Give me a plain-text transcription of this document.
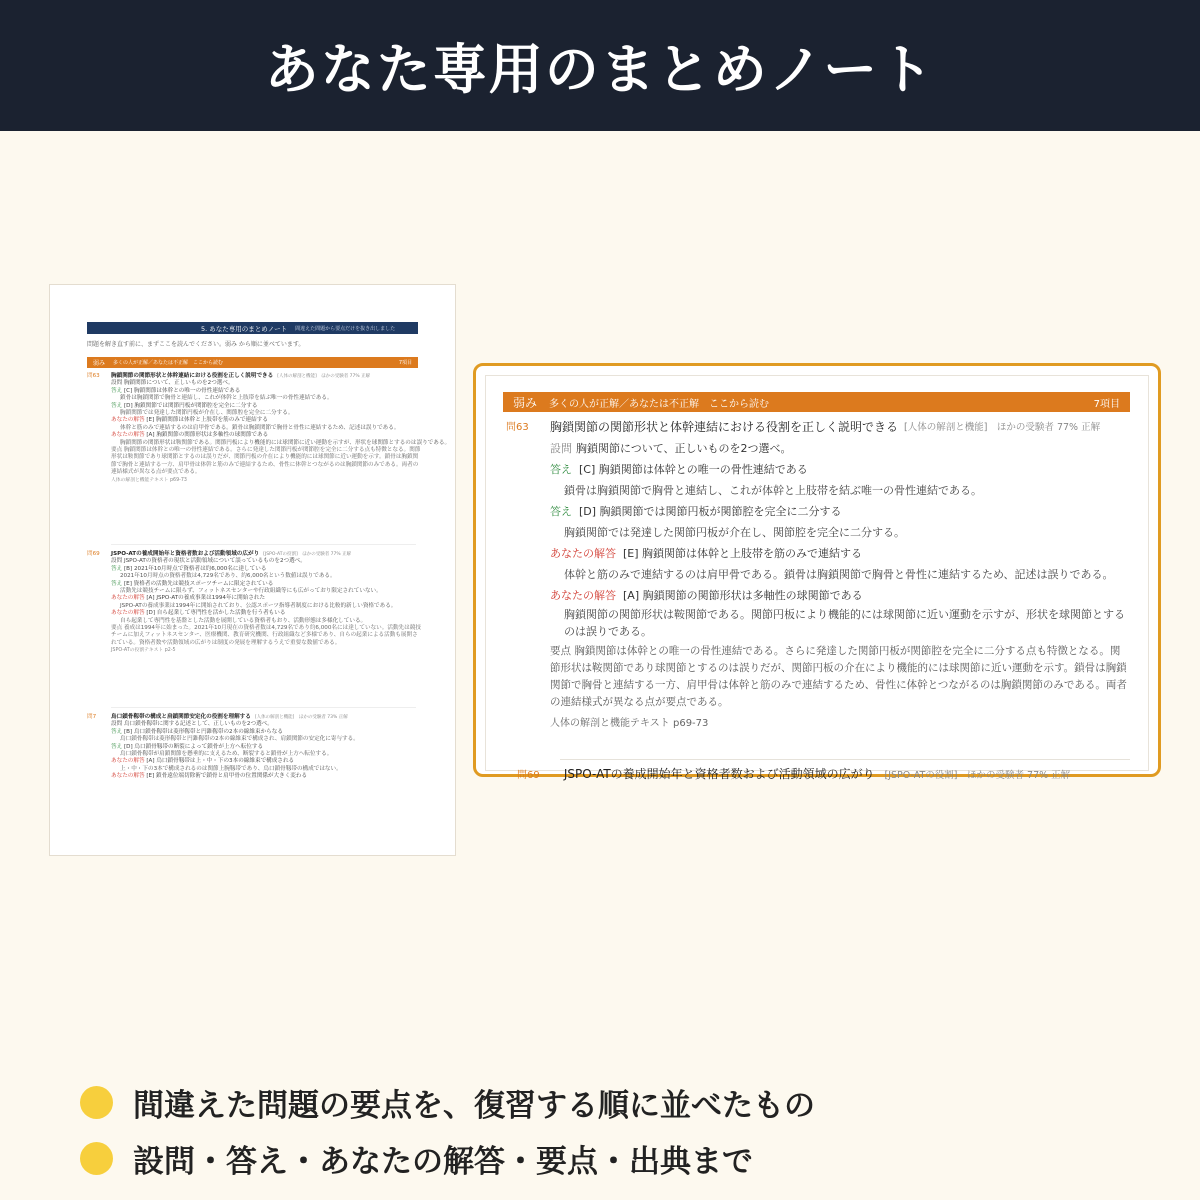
あなた専用のまとめノート
5. あなた専用のまとめノート 間違えた問題から要点だけを抜き出しました
問題を解き直す前に、まずここを読んでください。弱み から順に並べています。
弱み 多くの人が正解／あなたは不正解　ここから読む	7項目
問63	胸鎖関節の関節形状と体幹連結における役割を正しく説明できる [人体の解剖と機能]　ほかの受験者 77% 正解
設問 胸鎖関節について、正しいものを2つ選べ。
答え [C] 胸鎖関節は体幹との唯一の骨性連結である
鎖骨は胸鎖関節で胸骨と連結し、これが体幹と上肢帯を結ぶ唯一の骨性連結である。
答え [D] 胸鎖関節では関節円板が関節腔を完全に二分する
胸鎖関節では発達した関節円板が介在し、関節腔を完全に二分する。
あなたの解答 [E] 胸鎖関節は体幹と上肢帯を筋のみで連結する
体幹と筋のみで連結するのは肩甲骨である。鎖骨は胸鎖関節で胸骨と骨性に連結するため、記述は誤りである。
あなたの解答 [A] 胸鎖関節の関節形状は多軸性の球関節である
胸鎖関節の関節形状は鞍関節である。関節円板により機能的には球関節に近い運動を示すが、形状を球関節とするのは誤りである。
要点 胸鎖関節は体幹との唯一の骨性連結である。さらに発達した関節円板が関節腔を完全に二分する点も特徴となる。関節形状は鞍関節であり球関節とするのは誤りだが、関節円板の介在により機能的には球関節に近い運動を示す。鎖骨は胸鎖関節で胸骨と連結する一方、肩甲骨は体幹と筋のみで連結するため、骨性に体幹とつながるのは胸鎖関節のみである。両者の連結様式が異なる点が要点である。
人体の解剖と機能テキスト p69-73
問69	JSPO-ATの養成開始年と資格者数および活動領域の広がり [JSPO-ATの役割]　ほかの受験者 77% 正解
設問 JSPO-ATの資格者の現状と活動領域について誤っているものを2つ選べ。
答え [B] 2021年10月時点で資格者は約6,000名に達している
2021年10月時点の資格者数は4,729名であり、約6,000名という数値は誤りである。
答え [E] 資格者の活動先は競技スポーツチームに限定されている
活動先は競技チームに限らず、フィットネスセンターや行政組織等にも広がっており限定されていない。
あなたの解答 [A] JSPO-ATの養成事業は1994年に開始された
JSPO-ATの養成事業は1994年に開始されており、公認スポーツ指導者制度における比較的新しい資格である。
あなたの解答 [D] 自ら起業して専門性を活かした活動を行う者もいる
自ら起業して専門性を基盤とした活動を展開している資格者もおり、活動形態は多様化している。
要点 養成は1994年に始まった。2021年10月現在の資格者数は4,729名であり約6,000名には達していない。活動先は競技チームに加えフィットネスセンター、医療機関、教育研究機関、行政組織など多様であり、自らの起業による活動も展開されている。資格者数や活動領域の広がりは制度の発展を理解するうえで重要な数値である。
JSPO-ATの役割テキスト p2-5
問7	烏口鎖骨靱帯の構成と肩鎖関節安定化の役割を理解する [人体の解剖と機能]　ほかの受験者 73% 正解
設問 烏口鎖骨靱帯に関する記述として、正しいものを2つ選べ。
答え [B] 烏口鎖骨靱帯は菱形靱帯と円錐靱帯の2本の線維束からなる
烏口鎖骨靱帯は菱形靱帯と円錐靱帯の2本の線維束で構成され、肩鎖関節の安定化に寄与する。
答え [D] 烏口鎖骨靱帯の断裂によって鎖骨が上方へ転位する
烏口鎖骨靱帯が肩鎖関節を懸垂的に支えるため、断裂すると鎖骨が上方へ転位する。
あなたの解答 [A] 烏口鎖骨靱帯は上・中・下の3本の線維束で構成される
上・中・下の3本で構成されるのは関節上腕靱帯であり、烏口鎖骨靱帯の構成ではない。
あなたの解答 [E] 鎖骨遠位端切除術で鎖骨と肩甲骨の位置関係が大きく変わる
弱み 多くの人が正解／あなたは不正解　ここから読む	7項目
問63	胸鎖関節の関節形状と体幹連結における役割を正しく説明できる [人体の解剖と機能]　ほかの受験者 77% 正解
設問 胸鎖関節について、正しいものを2つ選べ。
答え [C] 胸鎖関節は体幹との唯一の骨性連結である
鎖骨は胸鎖関節で胸骨と連結し、これが体幹と上肢帯を結ぶ唯一の骨性連結である。
答え [D] 胸鎖関節では関節円板が関節腔を完全に二分する
胸鎖関節では発達した関節円板が介在し、関節腔を完全に二分する。
あなたの解答 [E] 胸鎖関節は体幹と上肢帯を筋のみで連結する
体幹と筋のみで連結するのは肩甲骨である。鎖骨は胸鎖関節で胸骨と骨性に連結するため、記述は誤りである。
あなたの解答 [A] 胸鎖関節の関節形状は多軸性の球関節である
胸鎖関節の関節形状は鞍関節である。関節円板により機能的には球関節に近い運動を示すが、形状を球関節とするのは誤りである。
要点 胸鎖関節は体幹との唯一の骨性連結である。さらに発達した関節円板が関節腔を完全に二分する点も特徴となる。関節形状は鞍関節であり球関節とするのは誤りだが、関節円板の介在により機能的には球関節に近い運動を示す。鎖骨は胸鎖関節で胸骨と連結する一方、肩甲骨は体幹と筋のみで連結するため、骨性に体幹とつながるのは胸鎖関節のみである。両者の連結様式が異なる点が要点である。
人体の解剖と機能テキスト p69-73
問69 JSPO-ATの養成開始年と資格者数および活動領域の広がり [JSPO-ATの役割]　ほかの受験者 77% 正解
間違えた問題の要点を、復習する順に並べたもの
設問・答え・あなたの解答・要点・出典まで
